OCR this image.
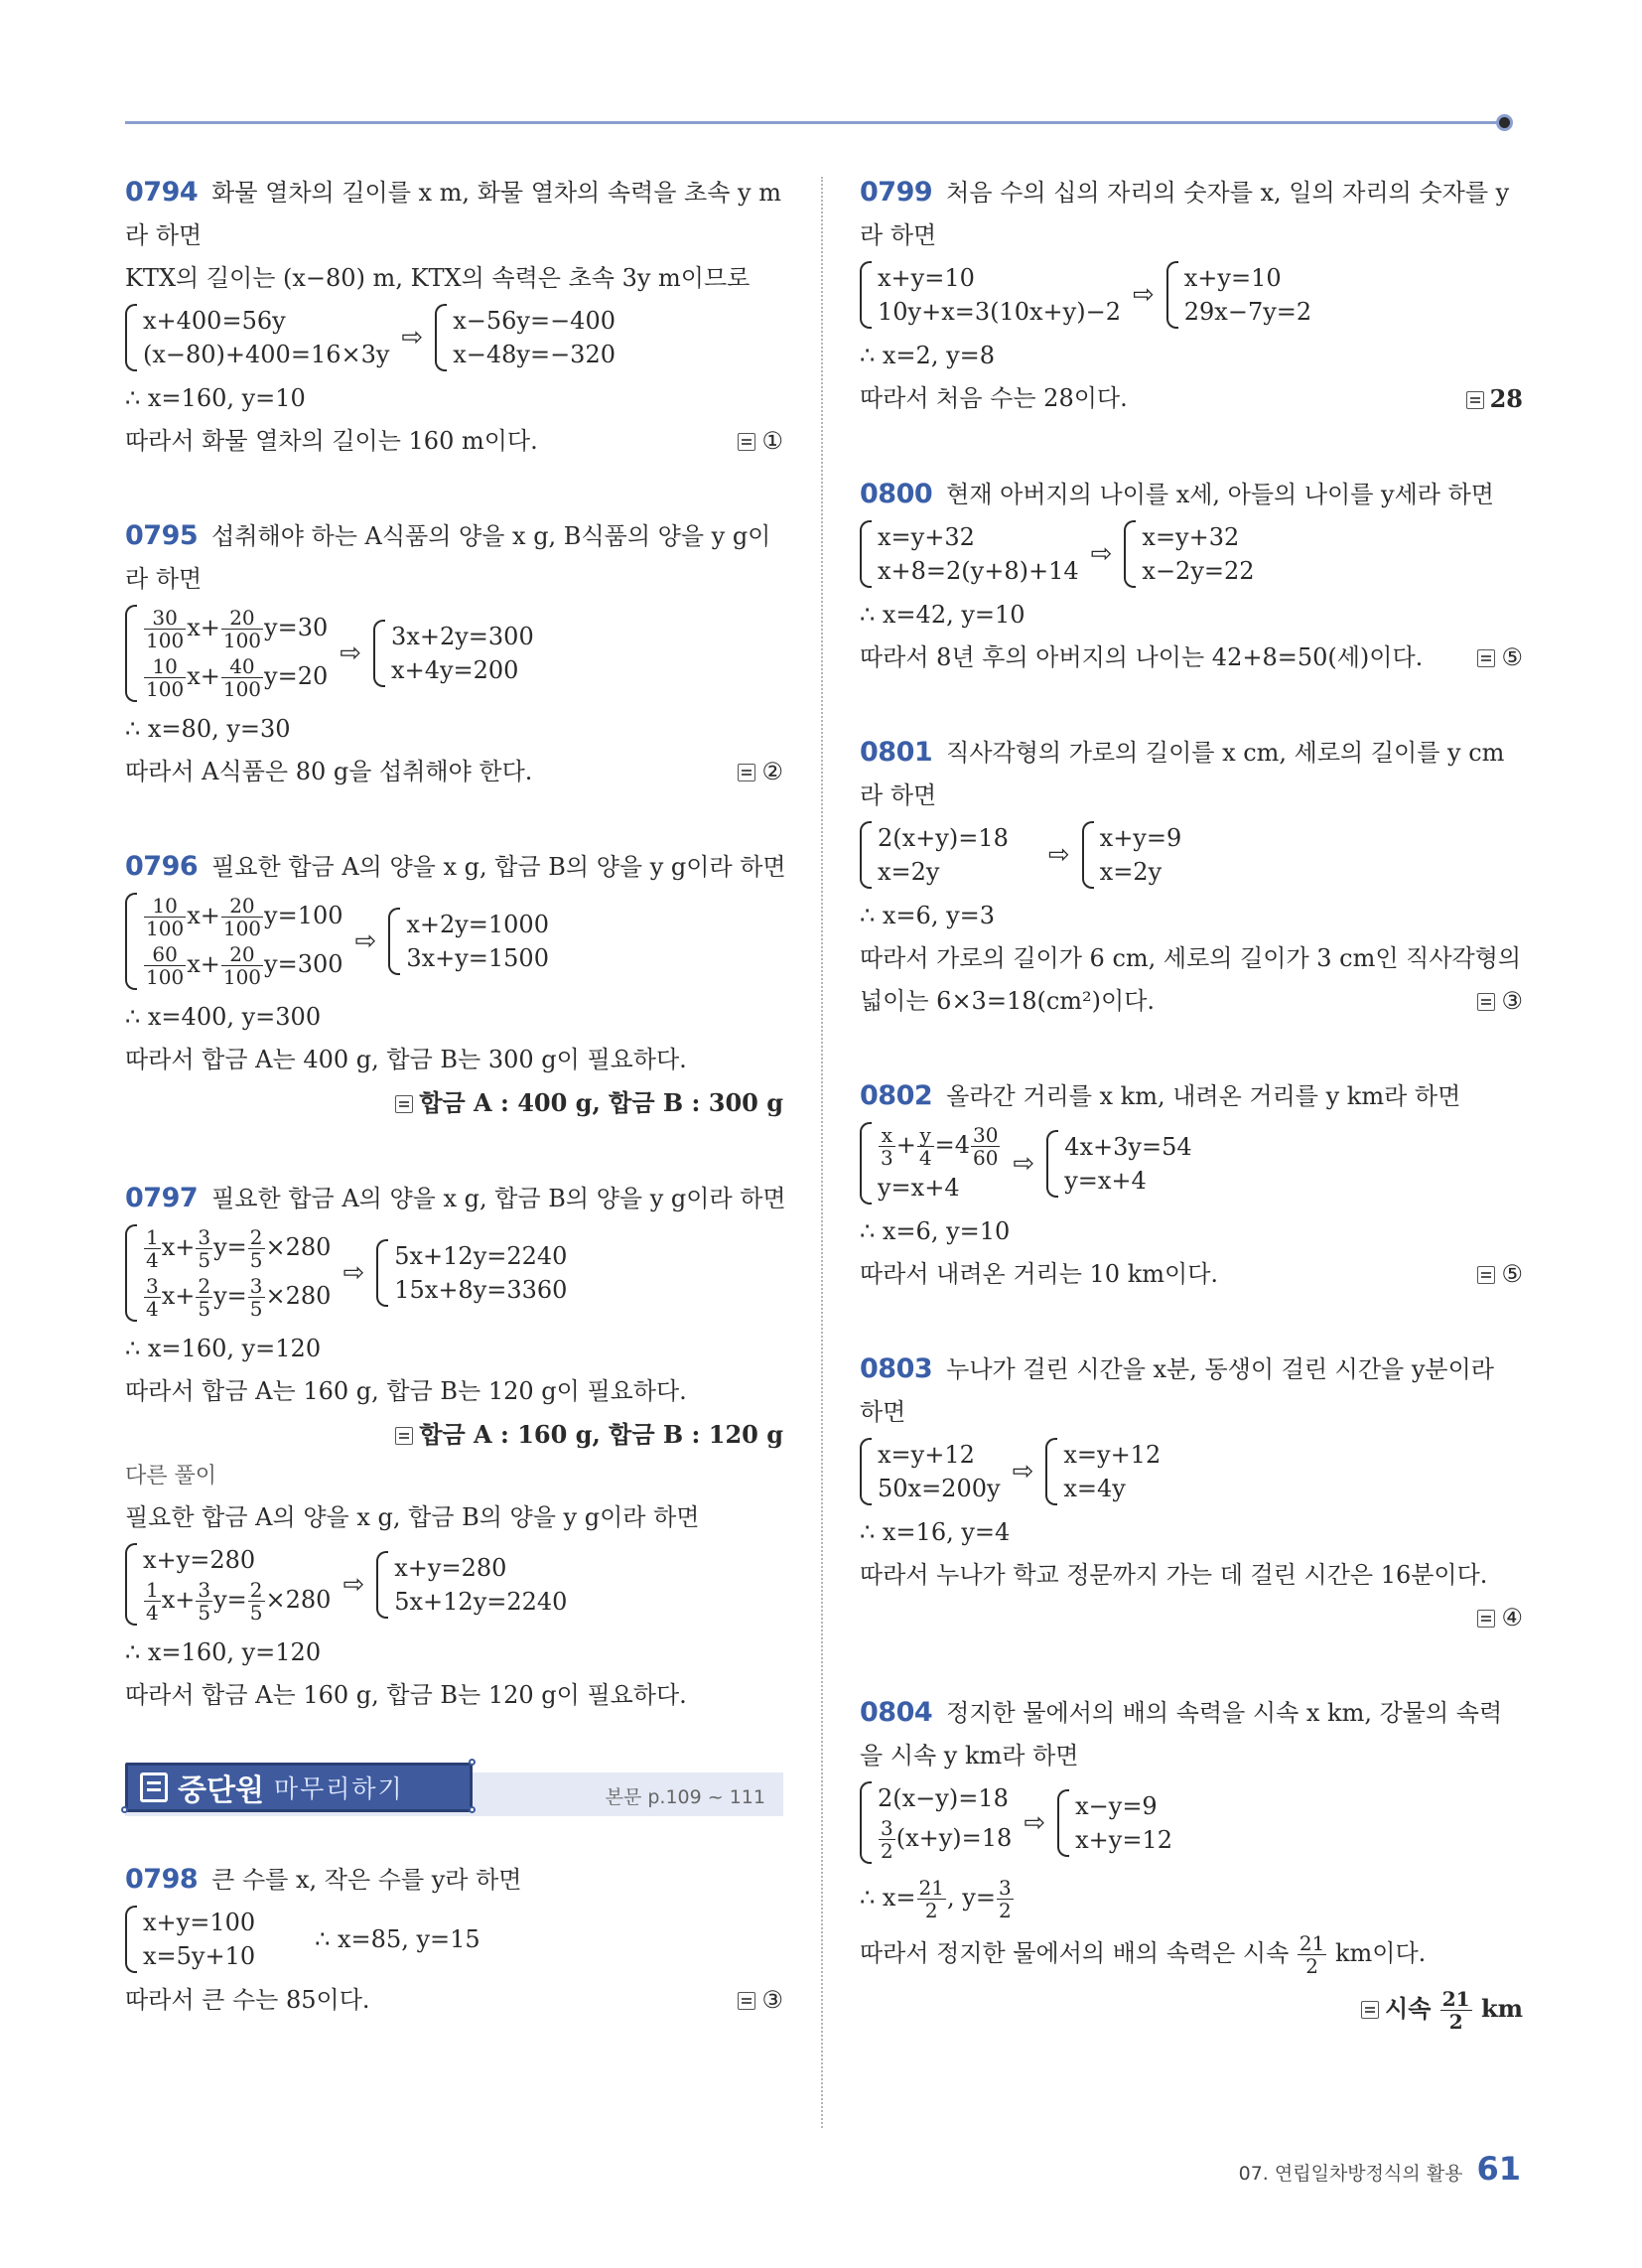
0794 화물 열차의 길이를 x m, 화물 열차의 속력을 초속 y m 라 하면
KTX의 길이는 (x−80) m, KTX의 속력은 초속 3y m이므로
x+400=56y
(x−80)+400=16×3y
⇨
x−56y=−400
x−48y=−320
∴ x=160, y=10
따라서 화물 열차의 길이는 160 m이다.	①
0795 섭취해야 하는 A식품의 양을 x g, B식품의 양을 y g이 라 하면
$\frac{30}{100} x+ \frac{20}{100} y=30$
$\frac{10}{100} x+ \frac{40}{100} y=20$
⇨
3x+2y=300
x+4y=200
∴ x=80, y=30
따라서 A식품은 80 g을 섭취해야 한다.	②
0796 필요한 합금 A의 양을 x g, 합금 B의 양을 y g이라 하면
$\frac{10}{100} x+ \frac{20}{100} y=100$
$\frac{60}{100} x+ \frac{20}{100} y=300$
⇨
x+2y=1000
3x+y=1500
∴ x=400, y=300
따라서 합금 A는 400 g, 합금 B는 300 g이 필요하다.
합금 A : 400 g, 합금 B : 300 g
0797 필요한 합금 A의 양을 x g, 합금 B의 양을 y g이라 하면
$\frac{1}{4} x+ \frac{3}{5} y= \frac{2}{5} \times 280$
$\frac{3}{4} x+ \frac{2}{5} y= \frac{3}{5} \times 280$
⇨
5x+12y=2240
15x+8y=3360
∴ x=160, y=120
따라서 합금 A는 160 g, 합금 B는 120 g이 필요하다.
합금 A : 160 g, 합금 B : 120 g
다른 풀이
필요한 합금 A의 양을 x g, 합금 B의 양을 y g이라 하면
x+y=280
$\frac{1}{4} x+ \frac{3}{5} y= \frac{2}{5} \times 280$
⇨
x+y=280
5x+12y=2240
∴ x=160, y=120
따라서 합금 A는 160 g, 합금 B는 120 g이 필요하다.
중단원 마무리하기	본문 p.109 ~ 111
0798 큰 수를 x, 작은 수를 y라 하면
x+y=100
x=5y+10
∴ x=85, y=15
따라서 큰 수는 85이다.	③
0799 처음 수의 십의 자리의 숫자를 x, 일의 자리의 숫자를 y 라 하면
x+y=10
10y+x=3(10x+y)−2
⇨
x+y=10
29x−7y=2
∴ x=2, y=8
따라서 처음 수는 28이다.	28
0800 현재 아버지의 나이를 x세, 아들의 나이를 y세라 하면
x=y+32
x+8=2(y+8)+14
⇨
x=y+32
x−2y=22
∴ x=42, y=10
따라서 8년 후의 아버지의 나이는 42+8=50(세)이다.	⑤
0801 직사각형의 가로의 길이를 x cm, 세로의 길이를 y cm 라 하면
2(x+y)=18
x=2y
⇨
x+y=9
x=2y
∴ x=6, y=3
따라서 가로의 길이가 6 cm, 세로의 길이가 3 cm인 직사각형의
넓이는 6×3=18(cm²)이다.	③
0802 올라간 거리를 x km, 내려온 거리를 y km라 하면
$\frac{x}{3} + \frac{y}{4} =4 \frac{30}{60}$
y=x+4
⇨
4x+3y=54
y=x+4
∴ x=6, y=10
따라서 내려온 거리는 10 km이다.	⑤
0803 누나가 걸린 시간을 x분, 동생이 걸린 시간을 y분이라 하면
x=y+12
50x=200y
⇨
x=y+12
x=4y
∴ x=16, y=4
따라서 누나가 학교 정문까지 가는 데 걸린 시간은 16분이다.
④
0804 정지한 물에서의 배의 속력을 시속 x km, 강물의 속력 을 시속 y km라 하면
2(x−y)=18
$\frac{3}{2} (x+y)=18$
⇨
x−y=9
x+y=12
∴ $x= \frac{21}{2}$ , $y= \frac{3}{2}$
따라서 정지한 물에서의 배의 속력은 시속 $\frac{21}{2}$ km이다.
시속 $\frac{21}{2}$ km
07. 연립일차방정식의 활용 61
